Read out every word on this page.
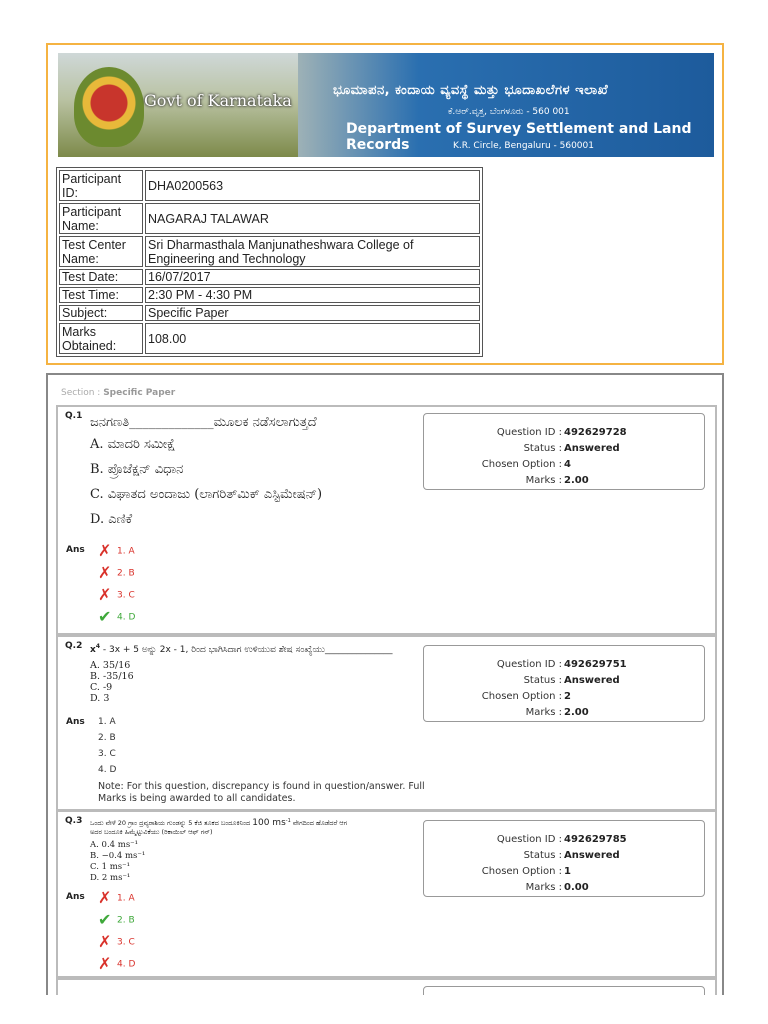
Govt of Karnataka
ಭೂಮಾಪನ, ಕಂದಾಯ ವ್ಯವಸ್ಥೆ ಮತ್ತು ಭೂದಾಖಲೆಗಳ ಇಲಾಖೆ
ಕೆ.ಆರ್.ವೃತ್ತ, ಬೆಂಗಳೂರು - 560 001
Department of Survey Settlement and Land Records	K.R. Circle, Bengaluru - 560001
Participant ID:	DHA0200563
Participant Name:	NAGARAJ TALAWAR
Test Center Name:	Sri Dharmasthala Manjunatheshwara College of Engineering and Technology
Test Date:	16/07/2017
Test Time:	2:30 PM - 4:30 PM
Subject:	Specific Paper
Marks Obtained:	108.00
Section : Specific Paper
Q.1 ಜನಗಣತಿ_____________ಮೂಲಕ ನಡೆಸಲಾಗುತ್ತದೆ
A. ಮಾದರಿ ಸಮೀಕ್ಷೆ
B. ಪ್ರೊಜೆಕ್ಷನ್ ವಿಧಾನ
C. ವಿಘಾತದ ಅಂದಾಜು (ಲಾಗರಿತ್‌ಮಿಕ್ ಎಸ್ಟಿಮೇಷನ್)
D. ಎಣಿಕೆ
Question ID : 492629728
Status : Answered
Chosen Option : 4
Marks : 2.00
Ans ✗ 1. A
✗ 2. B
✗ 3. C
✔ 4. D
Q.2 $x^4 - 3x + 5$ ಅನ್ನು 2x - 1, ರಿಂದ ಭಾಗಿಸಿದಾಗ ಉಳಿಯುವ ಶೇಷ ಸಂಖ್ಯೆಯು_______________
A. 35/16
B. -35/16
C. -9
D. 3
Question ID : 492629751
Status : Answered
Chosen Option : 2
Marks : 2.00
Ans 1. A
2. B
3. C
4. D
Note: For this question, discrepancy is found in question/answer. Full Marks is being awarded to all candidates.
Q.3 ಒಂದು ವೇಳೆ 20 ಗ್ರಾಂ ದ್ರವ್ಯರಾಶಿಯ ಗುಂಡನ್ನು 5 ಕೆಜಿ ತೂಕದ ಬಂದೂಕಿನಿಂದ 100 $ms^{-1}$ ವೇಗದಿಂದ ಹೊಡೆದರೆ ಆಗ
ಅದರ ಬಂದೂಕಿ ಹಿಮ್ಮೆಟ್ಟುವಿಕೆಯು (ರಿಕಾಯಿಲ್ ಆಫ್ ಗನ್)
A. 0.4 ms⁻¹
B. −0.4 ms⁻¹
C. 1 ms⁻¹
D. 2 ms⁻¹
Question ID : 492629785
Status : Answered
Chosen Option : 1
Marks : 0.00
Ans ✗ 1. A
✔ 2. B
✗ 3. C
✗ 4. D
